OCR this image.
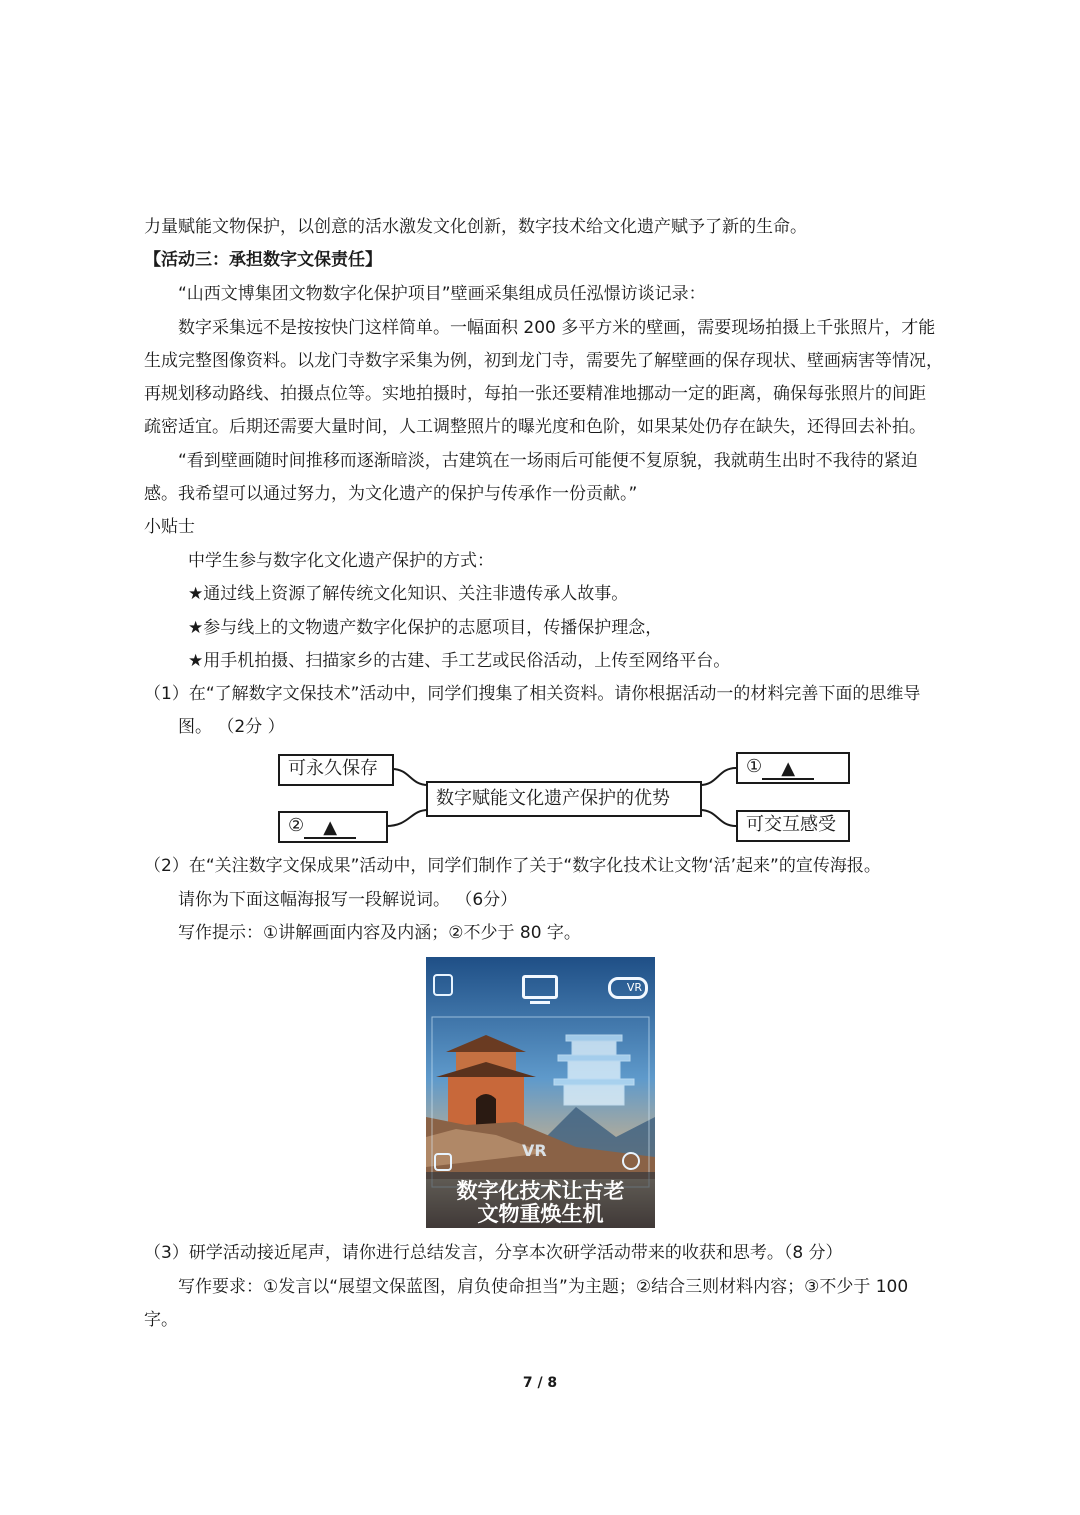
力量赋能文物保护，以创意的活水激发文化创新，数字技术给文化遗产赋予了新的生命。
【活动三：承担数字文保责任】
“山西文博集团文物数字化保护项目”壁画采集组成员任泓憬访谈记录：
数字采集远不是按按快门这样简单。一幅面积 200 多平方米的壁画，需要现场拍摄上千张照片，才能
生成完整图像资料。以龙门寺数字采集为例，初到龙门寺，需要先了解壁画的保存现状、壁画病害等情况，
再规划移动路线、拍摄点位等。实地拍摄时，每拍一张还要精准地挪动一定的距离，确保每张照片的间距
疏密适宜。后期还需要大量时间，人工调整照片的曝光度和色阶，如果某处仍存在缺失，还得回去补拍。
“看到壁画随时间推移而逐渐暗淡，古建筑在一场雨后可能便不复原貌，我就萌生出时不我待的紧迫
感。我希望可以通过努力，为文化遗产的保护与传承作一份贡献。”
小贴士
中学生参与数字化文化遗产保护的方式：
★通过线上资源了解传统文化知识、关注非遗传承人故事。
★参与线上的文物遗产数字化保护的志愿项目，传播保护理念，
★用手机拍摄、扫描家乡的古建、手工艺或民俗活动，上传至网络平台。
（1）在“了解数字文保技术”活动中，同学们搜集了相关资料。请你根据活动一的材料完善下面的思维导
图。 （2分 ）
可永久保存
数字赋能文化遗产保护的优势
② ▲
① ▲
可交互感受
（2）在“关注数字文保成果”活动中，同学们制作了关于“数字化技术让文物‘活’起来”的宣传海报。
请你为下面这幅海报写一段解说词。 （6分）
写作提示：①讲解画面内容及内涵；②不少于 80 字。
VR
VR
数字化技术让古老
文物重焕生机
（3）研学活动接近尾声，请你进行总结发言，分享本次研学活动带来的收获和思考。（8 分）
写作要求：①发言以“展望文保蓝图，肩负使命担当”为主题；②结合三则材料内容；③不少于 100
字。
7 / 8
